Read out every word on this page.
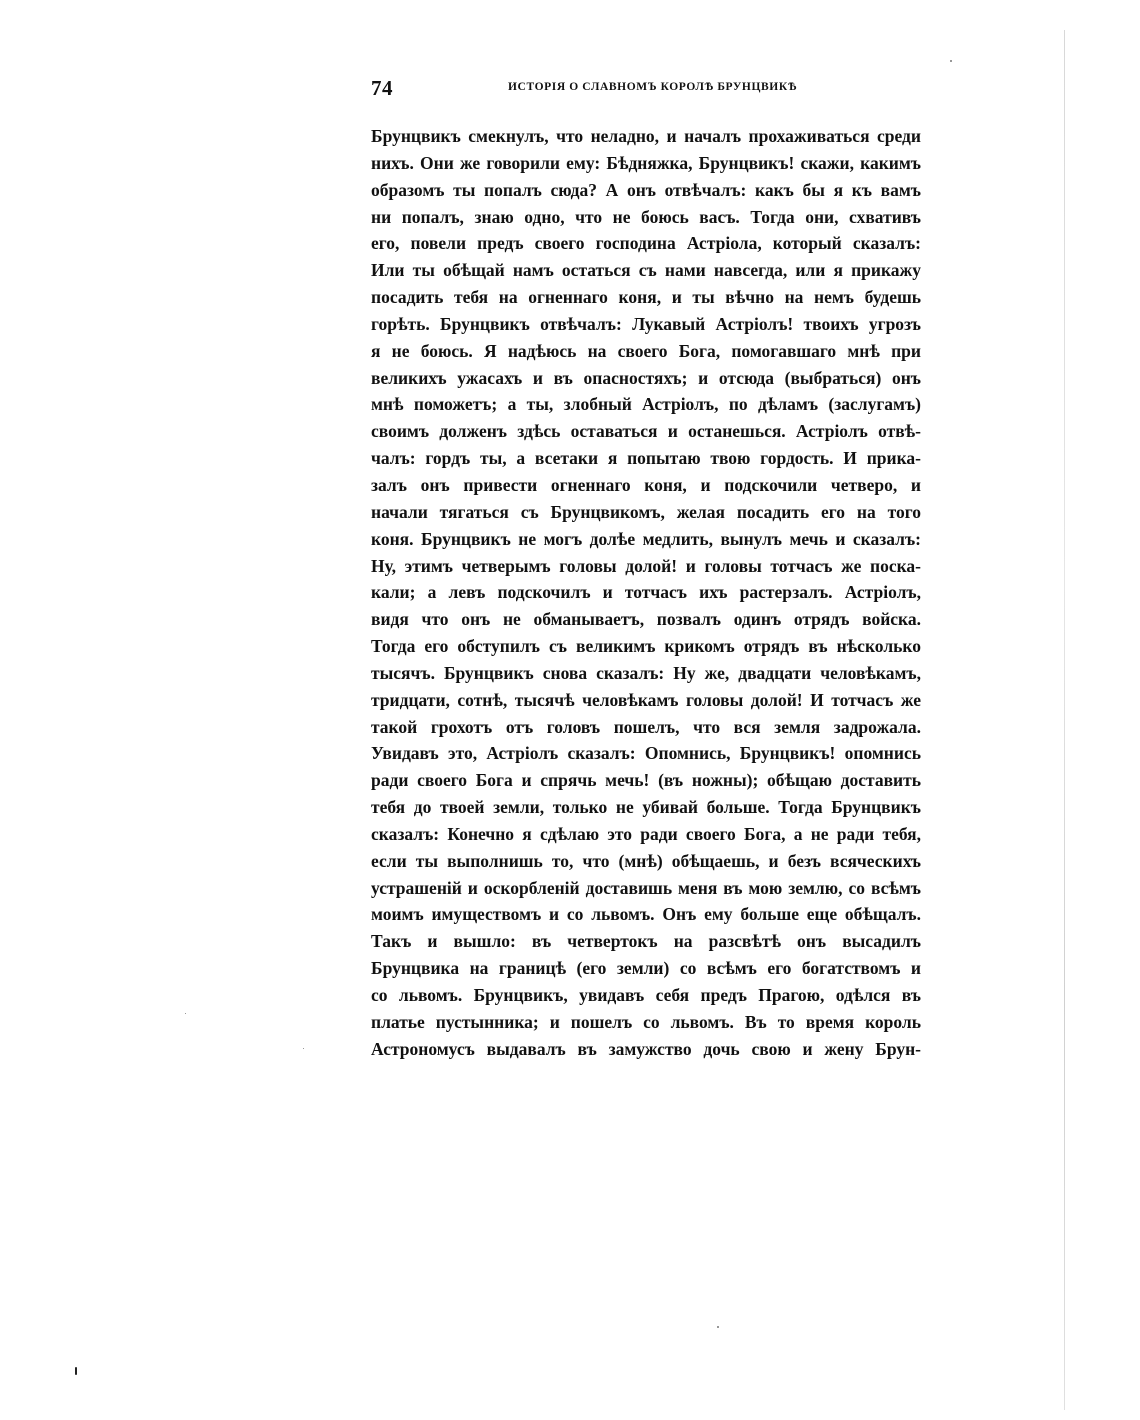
74	ИСТОРІЯ О СЛАВНОМЪ КОРОЛѢ БРУНЦВИКѢ
Брунцвикъ смекнулъ, что неладно, и началъ прохаживаться среди
нихъ. Они же говорили ему: Бѣдняжка, Брунцвикъ! скажи, какимъ
образомъ ты попалъ сюда? А онъ отвѣчалъ: какъ бы я къ вамъ
ни попалъ, знаю одно, что не боюсь васъ. Тогда они, схвативъ
его, повели предъ своего господина Астріола, который сказалъ:
Или ты обѣщай намъ остаться съ нами навсегда, или я прикажу
посадить тебя на огненнаго коня, и ты вѣчно на немъ будешь
горѣть. Брунцвикъ отвѣчалъ: Лукавый Астріолъ! твоихъ угрозъ
я не боюсь. Я надѣюсь на своего Бога, помогавшаго мнѣ при
великихъ ужасахъ и въ опасностяхъ; и отсюда (выбраться) онъ
мнѣ поможетъ; а ты, злобный Астріолъ, по дѣламъ (заслугамъ)
своимъ долженъ здѣсь оставаться и останешься. Астріолъ отвѣ-
чалъ: гордъ ты, а всетаки я попытаю твою гордость. И прика-
залъ онъ привести огненнаго коня, и подскочили четверо, и
начали тягаться съ Брунцвикомъ, желая посадить его на того
коня. Брунцвикъ не могъ долѣе медлить, вынулъ мечь и сказалъ:
Ну, этимъ четверымъ головы долой! и головы тотчасъ же поска-
кали; а левъ подскочилъ и тотчасъ ихъ растерзалъ. Астріолъ,
видя что онъ не обманываетъ, позвалъ одинъ отрядъ войска.
Тогда его обступилъ съ великимъ крикомъ отрядъ въ нѣсколько
тысячъ. Брунцвикъ снова сказалъ: Ну же, двадцати человѣкамъ,
тридцати, сотнѣ, тысячѣ человѣкамъ головы долой! И тотчасъ же
такой грохотъ отъ головъ пошелъ, что вся земля задрожала.
Увидавъ это, Астріолъ сказалъ: Опомнись, Брунцвикъ! опомнись
ради своего Бога и спрячь мечь! (въ ножны); обѣщаю доставить
тебя до твоей земли, только не убивай больше. Тогда Брунцвикъ
сказалъ: Конечно я сдѣлаю это ради своего Бога, а не ради тебя,
если ты выполнишь то, что (мнѣ) обѣщаешь, и безъ всяческихъ
устрашеній и оскорбленій доставишь меня въ мою землю, со всѣмъ
моимъ имуществомъ и со львомъ. Онъ ему больше еще обѣщалъ.
Такъ и вышло: въ четвертокъ на разсвѣтѣ онъ высадилъ
Брунцвика на границѣ (его земли) со всѣмъ его богатствомъ и
со львомъ. Брунцвикъ, увидавъ себя предъ Прагою, одѣлся въ
платье пустынника; и пошелъ со львомъ. Въ то время король
Астрономусъ выдавалъ въ замужство дочь свою и жену Брун-
